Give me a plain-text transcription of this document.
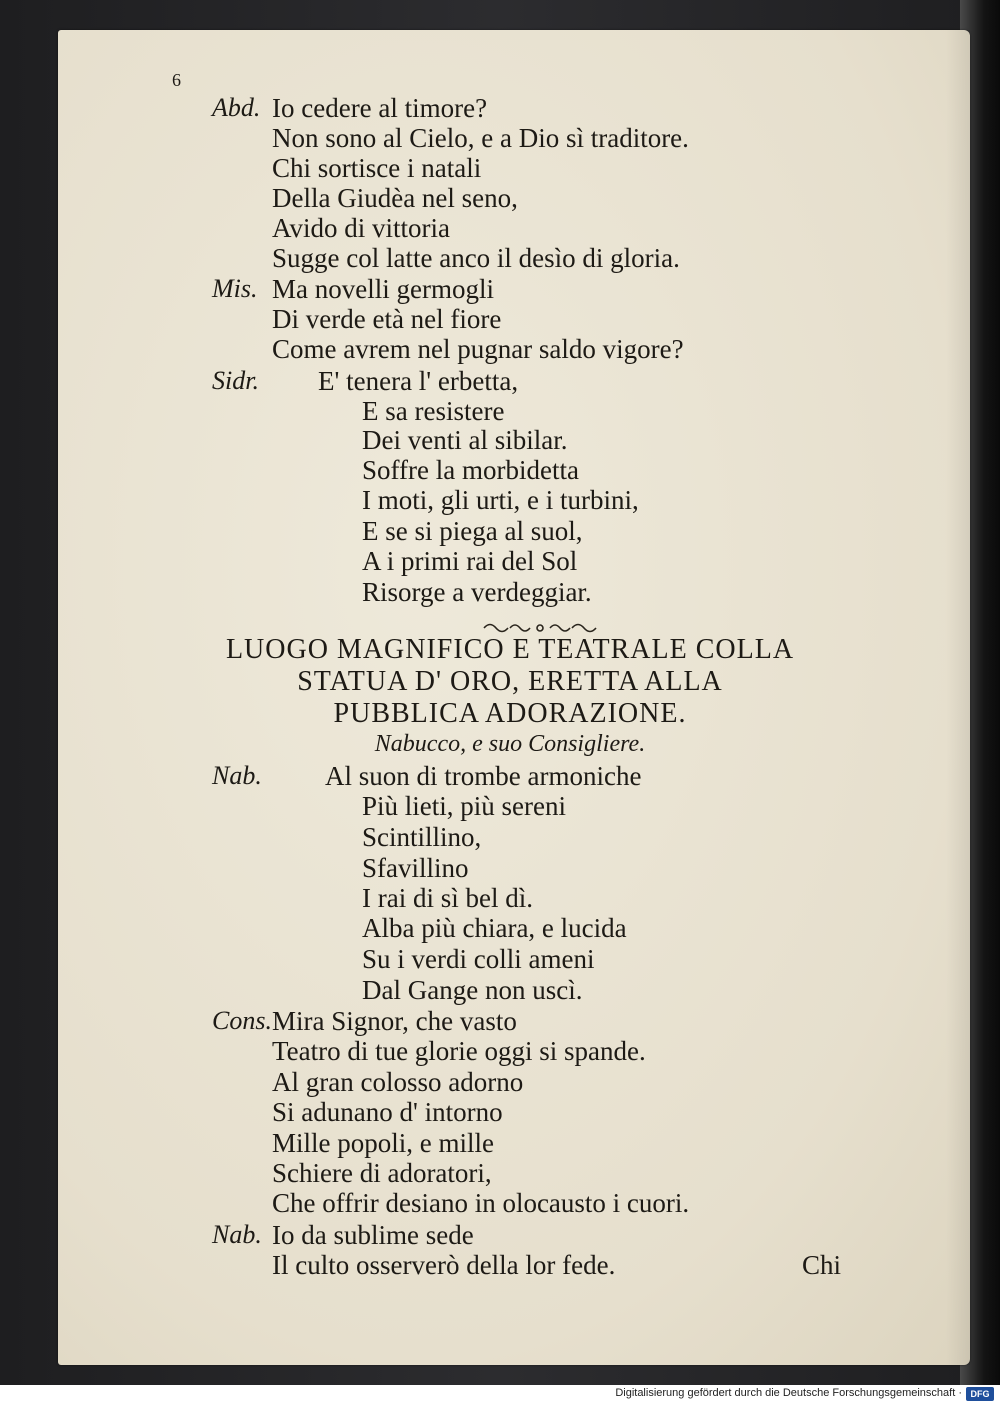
6
Abd. Io cedere al timore?
Non sono al Cielo, e a Dio sì traditore.
Chi sortisce i natali
Della Giudèa nel seno,
Avido di vittoria
Sugge col latte anco il desìo di gloria.
Mis. Ma novelli germogli
Di verde età nel fiore
Come avrem nel pugnar saldo vigore?
Sidr. E' tenera l' erbetta,
E sa resistere
Dei venti al sibilar.
Soffre la morbidetta
I moti, gli urti, e i turbini,
E se si piega al suol,
A i primi rai del Sol
Risorge a verdeggiar.
LUOGO MAGNIFICO E TEATRALE COLLA
STATUA D' ORO, ERETTA ALLA
PUBBLICA ADORAZIONE.
Nabucco, e suo Consigliere.
Nab. Al suon di trombe armoniche
Più lieti, più sereni
Scintillino,
Sfavillino
I rai di sì bel dì.
Alba più chiara, e lucida
Su i verdi colli ameni
Dal Gange non uscì.
Cons. Mira Signor, che vasto
Teatro di tue glorie oggi si spande.
Al gran colosso adorno
Si adunano d' intorno
Mille popoli, e mille
Schiere di adoratori,
Che offrir desiano in olocausto i cuori.
Nab. Io da sublime sede
Il culto osserverò della lor fede.	Chi
Digitalisierung gefördert durch die Deutsche Forschungsgemeinschaft · DFG
